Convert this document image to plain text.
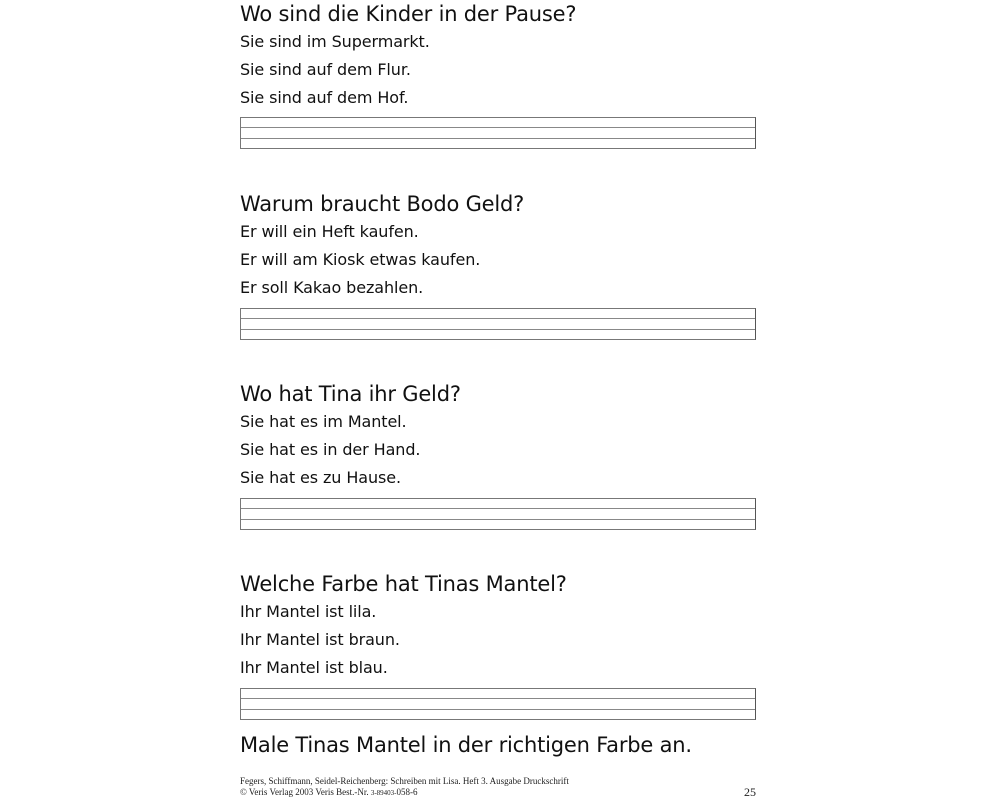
Wo sind die Kinder in der Pause?
Sie sind im Supermarkt.
Sie sind auf dem Flur.
Sie sind auf dem Hof.
Warum braucht Bodo Geld?
Er will ein Heft kaufen.
Er will am Kiosk etwas kaufen.
Er soll Kakao bezahlen.
Wo hat Tina ihr Geld?
Sie hat es im Mantel.
Sie hat es in der Hand.
Sie hat es zu Hause.
Welche Farbe hat Tinas Mantel?
Ihr Mantel ist lila.
Ihr Mantel ist braun.
Ihr Mantel ist blau.
Male Tinas Mantel in der richtigen Farbe an.
Fegers, Schiffmann, Seidel-Reichenberg: Schreiben mit Lisa. Heft 3. Ausgabe Druckschrift
© Veris Verlag 2003 Veris Best.-Nr. 3-89403-058-6	25
